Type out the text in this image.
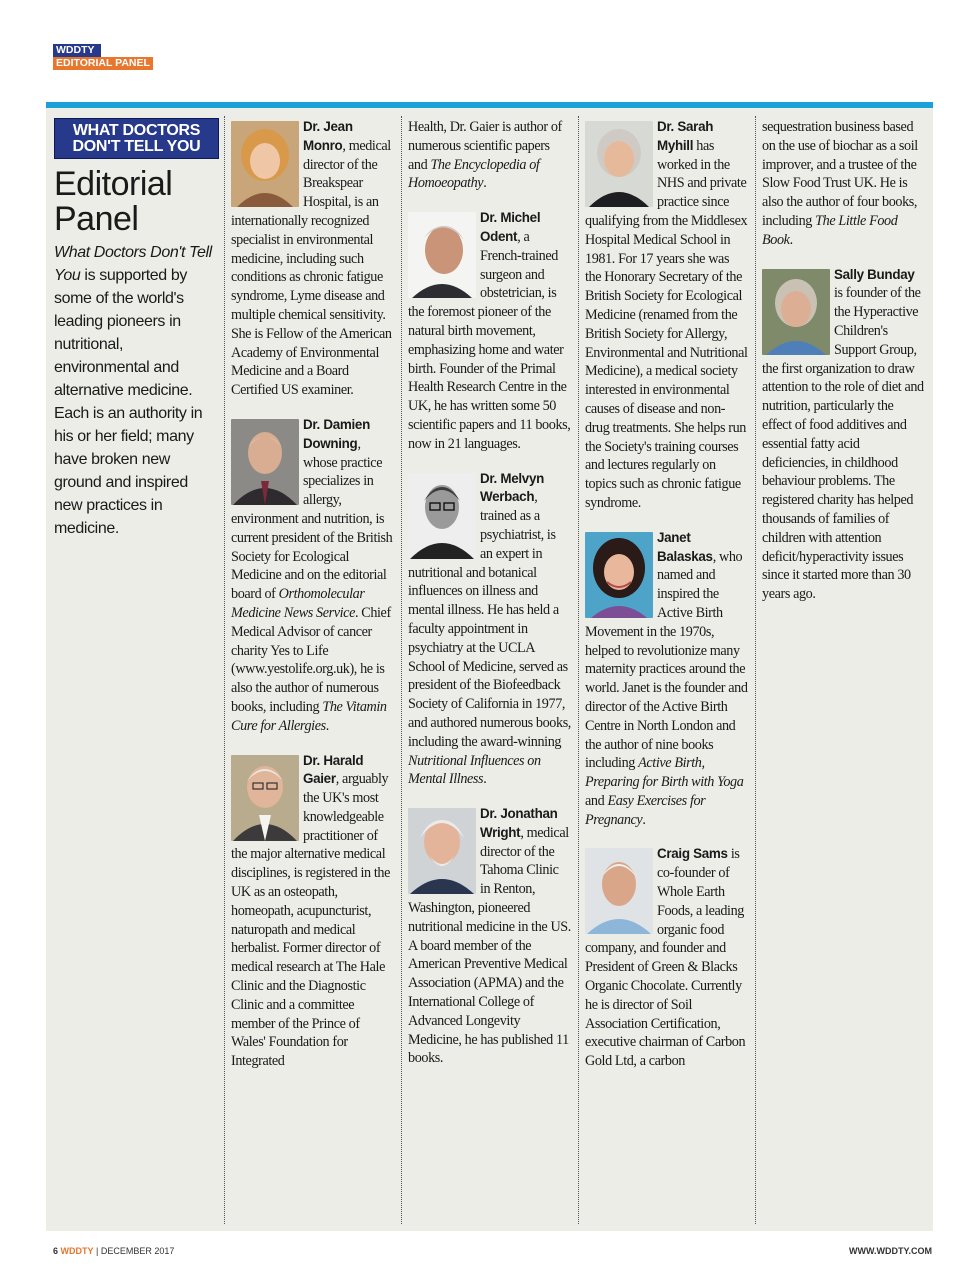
WDDTY
EDITORIAL PANEL
WHAT DOCTORS
DON'T TELL YOU
Editorial
Panel

What Doctors Don't Tell You is supported by some of the world's leading pioneers in nutritional, environmental and alternative medicine. Each is an authority in his or her field; many have broken new ground and inspired new practices in medicine.

Dr. Jean Monro, medical director of the Breakspear Hospital, is an internationally recognized specialist in environmental medicine, including such conditions as chronic fatigue syndrome, Lyme disease and multiple chemical sensitivity. She is Fellow of the American Academy of Environmental Medicine and a Board Certified US examiner.
Dr. Damien Downing, whose practice specializes in allergy, environment and nutrition, is current president of the British Society for Ecological Medicine and on the editorial board of Orthomolecular Medicine News Service. Chief Medical Advisor of cancer charity Yes to Life (www.yestolife.org.uk), he is also the author of numerous books, including The Vitamin Cure for Allergies.
Dr. Harald Gaier, arguably the UK's most knowledgeable practitioner of the major alternative medical disciplines, is registered in the UK as an osteopath, homeopath, acupuncturist, naturopath and medical herbalist. Former director of medical research at The Hale Clinic and the Diagnostic Clinic and a committee member of the Prince of Wales' Foundation for Integrated
Health, Dr. Gaier is author of numerous scientific papers and The Encyclopedia of Homoeopathy.
Dr. Michel Odent, a French-trained surgeon and obstetrician, is the foremost pioneer of the natural birth movement, emphasizing home and water birth. Founder of the Primal Health Research Centre in the UK, he has written some 50 scientific papers and 11 books, now in 21 languages.
Dr. Melvyn Werbach, trained as a psychiatrist, is an expert in nutritional and botanical influences on illness and mental illness. He has held a faculty appointment in psychiatry at the UCLA School of Medicine, served as president of the Biofeedback Society of California in 1977, and authored numerous books, including the award-winning Nutritional Influences on Mental Illness.
Dr. Jonathan Wright, medical director of the Tahoma Clinic in Renton, Washington, pioneered nutritional medicine in the US. A board member of the American Preventive Medical Association (APMA) and the International College of Advanced Longevity Medicine, he has published 11 books.
Dr. Sarah Myhill has worked in the NHS and private practice since qualifying from the Middlesex Hospital Medical School in 1981. For 17 years she was the Honorary Secretary of the British Society for Ecological Medicine (renamed from the British Society for Allergy, Environmental and Nutritional Medicine), a medical society interested in environmental causes of disease and non-drug treatments. She helps run the Society's training courses and lectures regularly on topics such as chronic fatigue syndrome.
Janet Balaskas, who named and inspired the Active Birth Movement in the 1970s, helped to revolutionize many maternity practices around the world. Janet is the founder and director of the Active Birth Centre in North London and the author of nine books including Active Birth, Preparing for Birth with Yoga and Easy Exercises for Pregnancy.
Craig Sams is co-founder of Whole Earth Foods, a leading organic food company, and founder and President of Green & Blacks Organic Chocolate. Currently he is director of Soil Association Certification, executive chairman of Carbon Gold Ltd, a carbon
sequestration business based on the use of biochar as a soil improver, and a trustee of the Slow Food Trust UK. He is also the author of four books, including The Little Food Book.
Sally Bunday is founder of the the Hyperactive Children's Support Group, the first organization to draw attention to the role of diet and nutrition, particularly the effect of food additives and essential fatty acid deficiencies, in childhood behaviour problems. The registered charity has helped thousands of families of children with attention deficit/hyperactivity issues since it started more than 30 years ago.
6 WDDTY | DECEMBER 2017	WWW.WDDTY.COM
